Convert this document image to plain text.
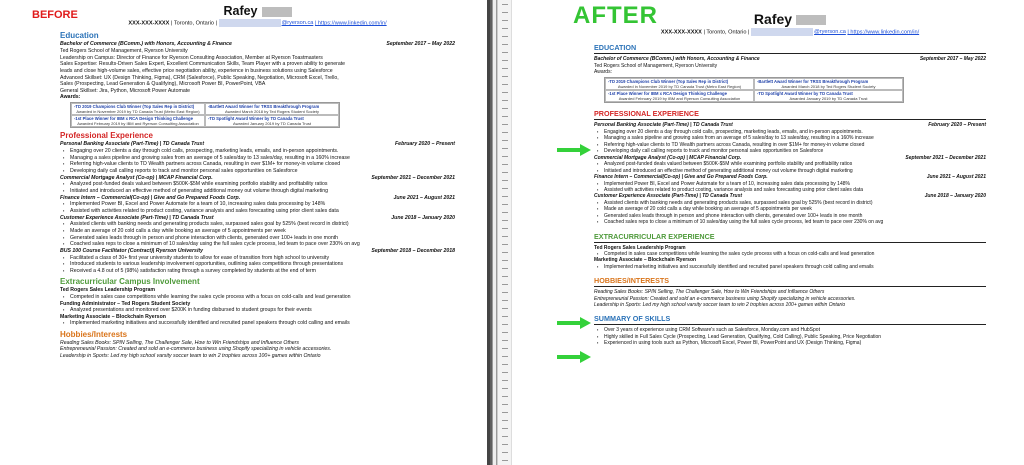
BEFORE	Rafey
XXX-XXX-XXXX | Toronto, Ontario |	@ryerson.ca | https://www.linkedin.com/in/
Education
Bachelor of Commerce (BComm.) with Honors, Accounting & Finance	September 2017 – May 2022
Ted Rogers School of Management, Ryerson University
Leadership on Campus: Director of Finance for Ryerson Consulting Association, Member at Ryerson Toastmasters
Sales Expertise: Results-Driven Sales Expert, Excellent Communication Skills, Team Player with a proven ability to generate
leads and close high-volume sales, effective price negotiation ability, experience in business solutions using Salesforce
Advanced Skillset: UX (Design Thinking, Figma), CRM (Salesforce), Public Speaking, Negotiation, Microsoft Excel, Trello,
Sales (Prospecting, Lead Generation & Qualifying), Microsoft Power BI, PowerPoint, VBA
General Skillset: Jira, Python, Microsoft Power Automate
Awards:
-TD 2019 Champions Club Winner (Top Sales Rep in District)
Awarded in November 2019 by TD Canada Trust (Metro East Region)
-Bartlett Award Winner for TRSS Breakthrough Program
Awarded March 2018 by Ted Rogers Student Society
-1st Place Winner for IBM x RCA Design Thinking Challenge
Awarded February 2019 by IBM and Ryerson Consulting Association
-TD Spotlight Award Winner by TD Canada Trust
Awarded January 2019 by TD Canada Trust
Professional Experience
Personal Banking Associate (Part-Time) | TD Canada Trust	February 2020 – Present
▪ Engaging over 20 clients a day through cold calls, prospecting, marketing leads, emails, and in-person appointments.
▪ Managing a sales pipeline and growing sales from an average of 5 sales/day to 13 sales/day, resulting in a 160% increase
▪ Referring high-value clients to TD Wealth partners across Canada, resulting in over $1M+ for money-in volume closed
▪ Developing daily call calling reports to track and monitor personal sales opportunities on Salesforce
Commercial Mortgage Analyst (Co-op) | MCAP Financial Corp.	September 2021 – December 2021
▪ Analyzed post-funded deals valued between $500K-$5M while examining portfolio stability and profitability ratios
▪ Initiated and introduced an effective method of generating additional money out volume through digital marketing
Finance Intern – Commercial(Co-op) | Give and Go Prepared Foods Corp.	June 2021 – August 2021
▪ Implemented Power BI, Excel and Power Automate for a team of 10, increasing sales data processing by 148%
▪ Assisted with activities related to product costing, variance analysis and sales forecasting using prior client sales data
Customer Experience Associate (Part-Time) | TD Canada Trust	June 2018 – January 2020
▪ Assisted clients with banking needs and generating products sales, surpassed sales goal by 525% (best record in district)
▪ Made an average of 20 cold calls a day while booking an average of 5 appointments per week
▪ Generated sales leads through in person and phone interaction with clients, generated over 100+ leads in one month
▪ Coached sales reps to close a minimum of 10 sales/day using the full sales cycle process, led team to pace over 230% on avg
BUS 100 Course Facilitator (Contract)| Ryerson University	September 2018 – December 2018
▪ Facilitated a class of 30+ first year university students to allow for ease of transition from high school to university
▪ Introduced students to various leadership involvement opportunities, outlining sales competitions through presentations
▪ Received a 4.8 out of 5 (98%) satisfaction rating through a survey completed by students at the end of term
Extracurricular Campus Involvement
Ted Rogers Sales Leadership Program
▪ Competed in sales case competitions while learning the sales cycle process with a focus on cold-calls and lead generation
Funding Administrator – Ted Rogers Student Society
▪ Analyzed presentations and monitored over $200K in funding disbursed to student groups for their events
Marketing Associate – Blockchain Ryerson
▪ Implemented marketing initiatives and successfully identified and recruited panel speakers through cold calling and emails
Hobbies/Interests
Reading Sales Books: SPIN Selling, The Challenger Sale, How to Win Friendships and Influence Others
Entrepreneurial Passion: Created and sold an e-commerce business using Shopify specializing in vehicle accessories.
Leadership in Sports: Led my high school varsity soccer team to win 2 trophies across 100+ games within Ontario
AFTER	Rafey
XXX-XXX-XXXX | Toronto, Ontario |	@ryerson.ca | https://www.linkedin.com/in/
EDUCATION
Bachelor of Commerce (BComm.) with Honors, Accounting & Finance	September 2017 – May 2022
Ted Rogers School of Management, Ryerson University
Awards:
-TD 2019 Champions Club Winner (Top Sales Rep in District)
Awarded in November 2019 by TD Canada Trust (Metro East Region)
-Bartlett Award Winner for TRSS Breakthrough Program
Awarded March 2018 by Ted Rogers Student Society
-1st Place Winner for IBM x RCA Design Thinking Challenge
Awarded February 2019 by IBM and Ryerson Consulting Association
-TD Spotlight Award Winner by TD Canada Trust
Awarded January 2019 by TD Canada Trust
PROFESSIONAL EXPERIENCE
Personal Banking Associate (Part-Time) | TD Canada Trust	February 2020 – Present
▪ Engaging over 20 clients a day through cold calls, prospecting, marketing leads, emails, and in-person appointments.
▪ Managing a sales pipeline and growing sales from an average of 5 sales/day to 13 sales/day, resulting in a 160% increase
▪ Referring high-value clients to TD Wealth partners across Canada, resulting in over $1M+ for money-in volume closed
▪ Developing daily call calling reports to track and monitor personal sales opportunities on Salesforce
Commercial Mortgage Analyst (Co-op) | MCAP Financial Corp.	September 2021 – December 2021
▪ Analyzed post-funded deals valued between $500K-$5M while examining portfolio stability and profitability ratios
▪ Initiated and introduced an effective method of generating additional money out volume through digital marketing
Finance Intern – Commercial(Co-op) | Give and Go Prepared Foods Corp.	June 2021 – August 2021
▪ Implemented Power BI, Excel and Power Automate for a team of 10, increasing sales data processing by 148%
▪ Assisted with activities related to product costing, variance analysis and sales forecasting using prior client sales data
Customer Experience Associate (Part-Time) | TD Canada Trust	June 2018 – January 2020
▪ Assisted clients with banking needs and generating products sales, surpassed sales goal by 525% (best record in district)
▪ Made an average of 20 cold calls a day while booking an average of 5 appointments per week
▪ Generated sales leads through in person and phone interaction with clients, generated over 100+ leads in one month
▪ Coached sales reps to close a minimum of 10 sales/day using the full sales cycle process, led team to pace over 230% on avg
EXTRACURRICULAR EXPERIENCE
Ted Rogers Sales Leadership Program
▪ Competed in sales case competitions while learning the sales cycle process with a focus on cold-calls and lead generation
Marketing Associate – Blockchain Ryerson
▪ Implemented marketing initiatives and successfully identified and recruited panel speakers through cold calling and emails
HOBBIES/INTERESTS
Reading Sales Books: SPIN Selling, The Challenger Sale, How to Win Friendships and Influence Others
Entrepreneurial Passion: Created and sold an e-commerce business using Shopify specializing in vehicle accessories.
Leadership in Sports: Led my high school varsity soccer team to win 2 trophies across 100+ games within Ontario
SUMMARY OF SKILLS
▪ Over 3 years of experience using CRM Software's such as Salesforce, Monday.com and HubSpot
▪ Highly skilled in Full Sales Cycle (Prospecting, Lead Generation, Qualifying, Cold Calling), Public Speaking, Price Negotiation
▪ Experienced in using tools such as Python, Microsoft Excel, Power BI, PowerPoint and UX (Design Thinking, Figma)
